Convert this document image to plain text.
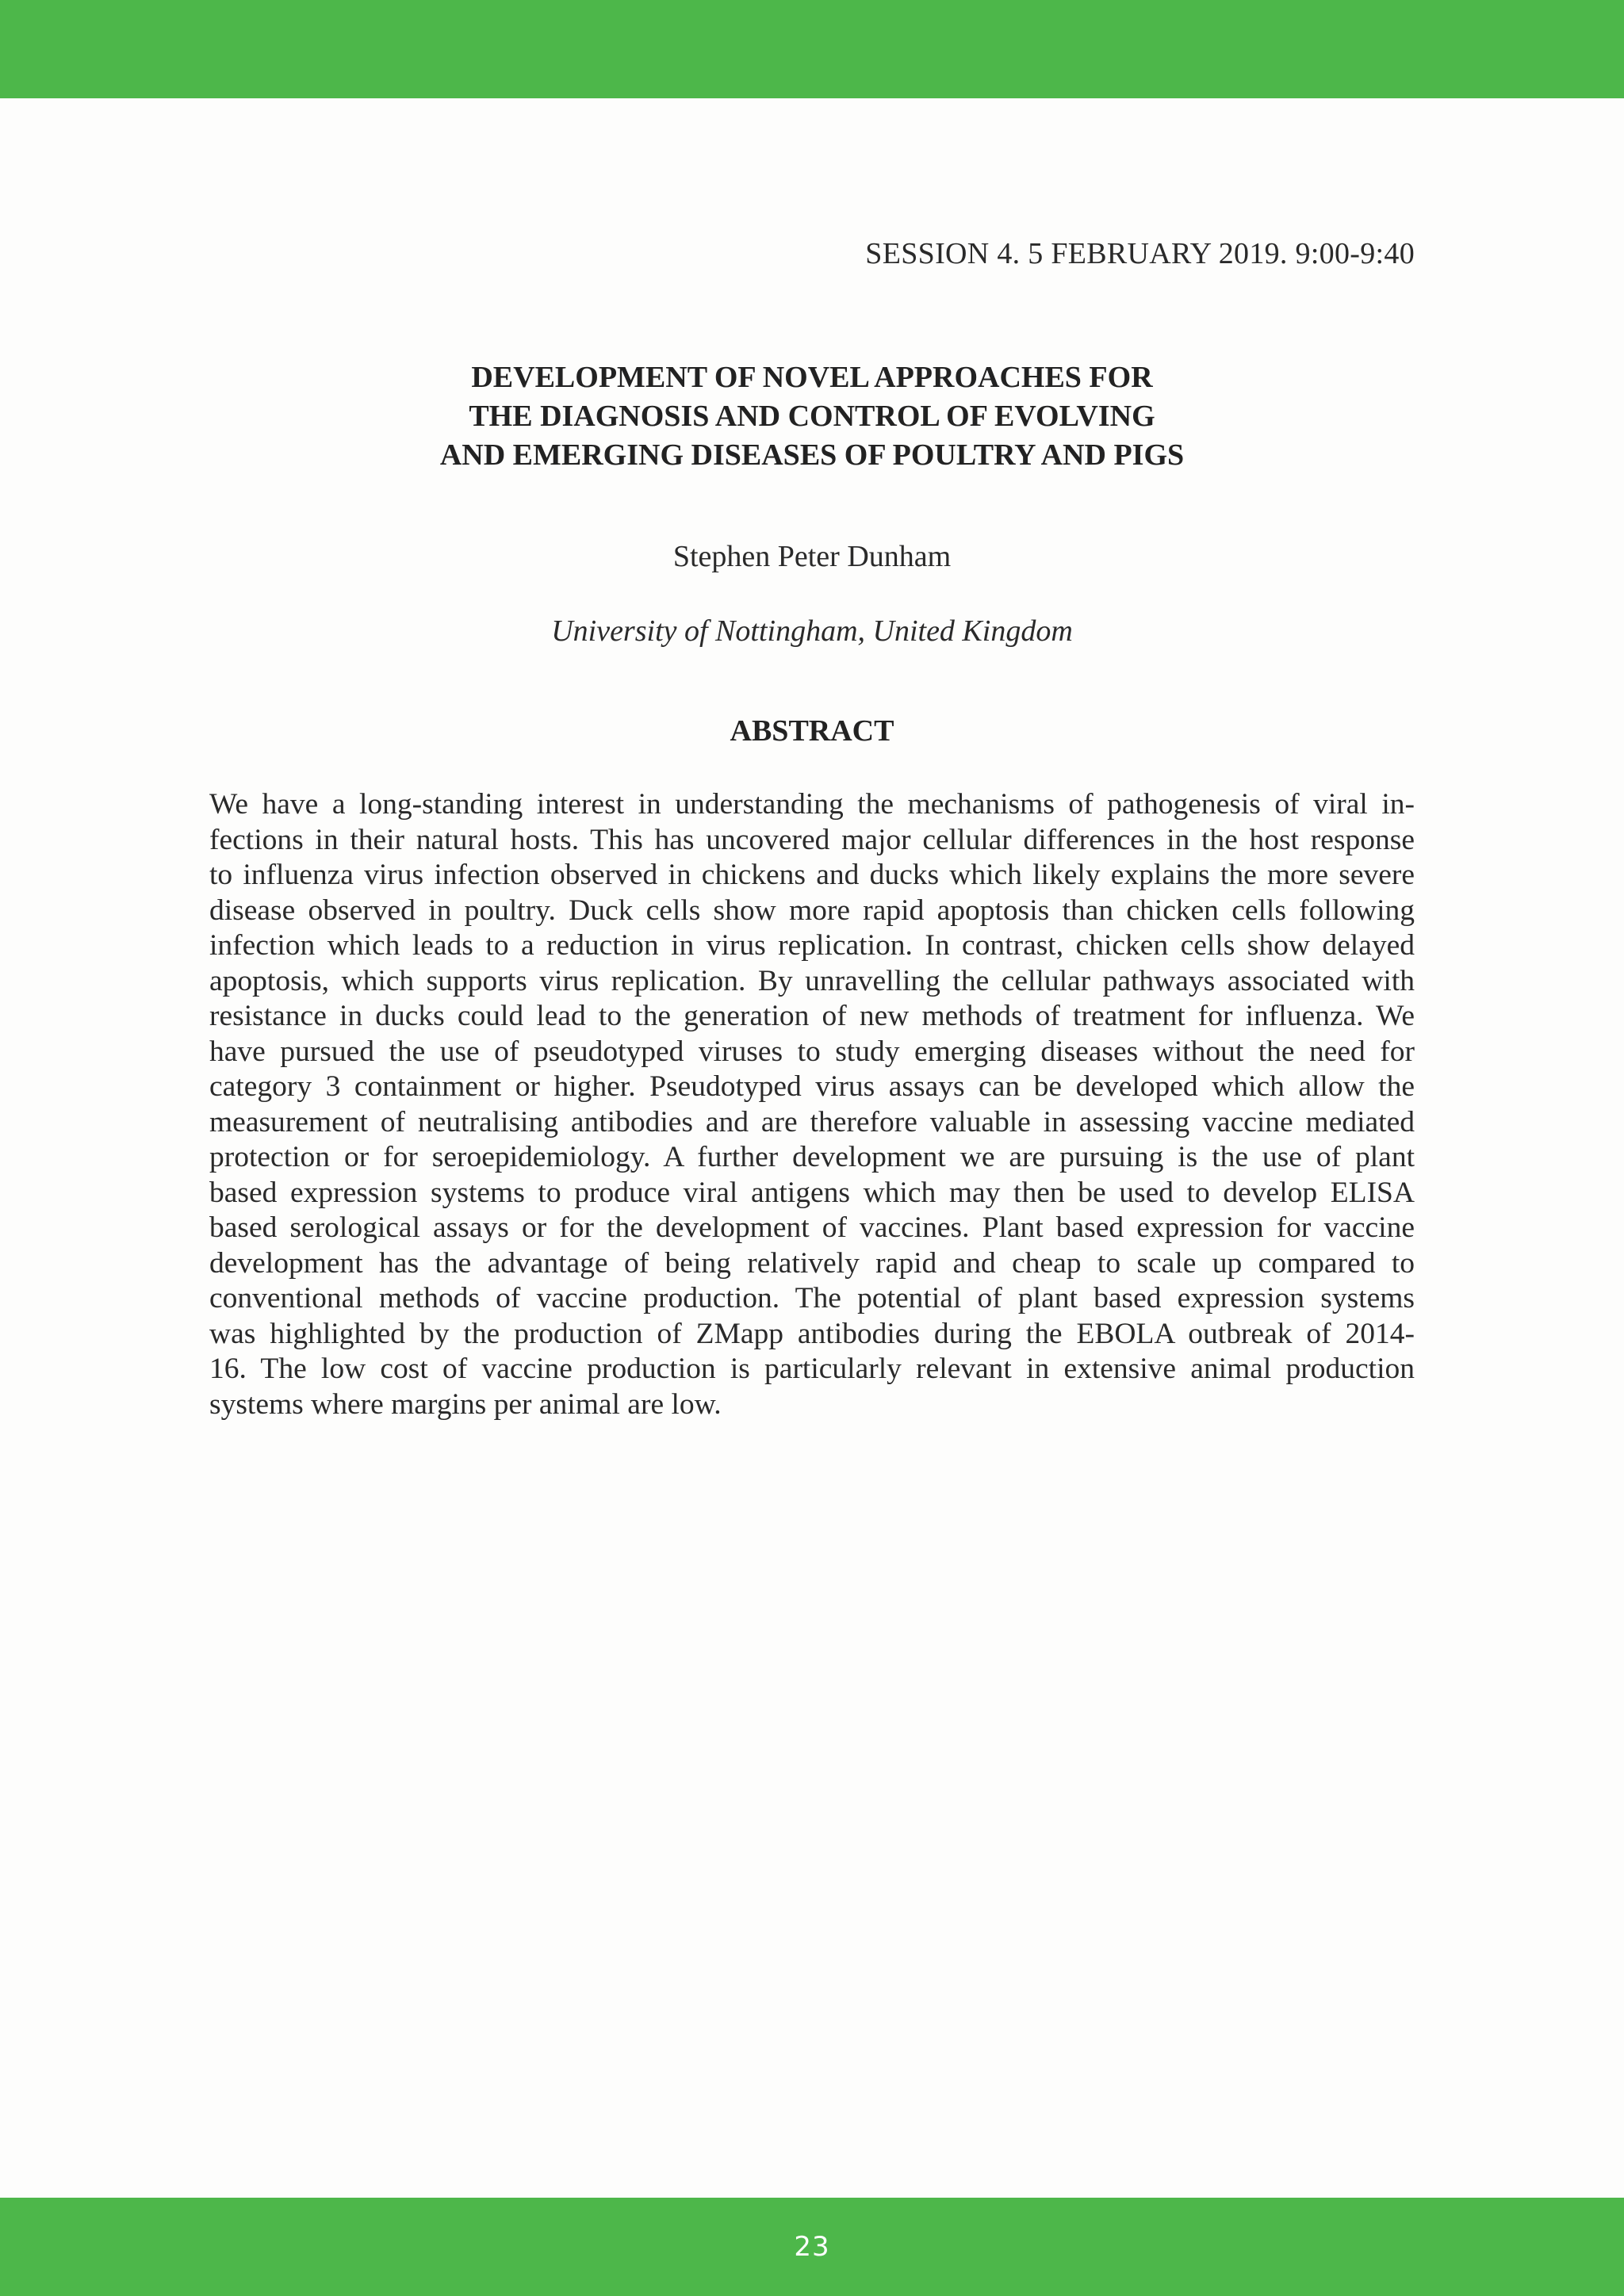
SESSION 4. 5 FEBRUARY 2019. 9:00-9:40
DEVELOPMENT OF NOVEL APPROACHES FOR
THE DIAGNOSIS AND CONTROL OF EVOLVING
AND EMERGING DISEASES OF POULTRY AND PIGS
Stephen Peter Dunham
University of Nottingham, United Kingdom
ABSTRACT
We have a long-standing interest in understanding the mechanisms of pathogenesis of viral in-
fections in their natural hosts. This has uncovered major cellular differences in the host response
to influenza virus infection observed in chickens and ducks which likely explains the more severe
disease observed in poultry. Duck cells show more rapid apoptosis than chicken cells following
infection which leads to a reduction in virus replication. In contrast, chicken cells show delayed
apoptosis, which supports virus replication. By unravelling the cellular pathways associated with
resistance in ducks could lead to the generation of new methods of treatment for influenza. We
have pursued the use of pseudotyped viruses to study emerging diseases without the need for
category 3 containment or higher. Pseudotyped virus assays can be developed which allow the
measurement of neutralising antibodies and are therefore valuable in assessing vaccine mediated
protection or for seroepidemiology. A further development we are pursuing is the use of plant
based expression systems to produce viral antigens which may then be used to develop ELISA
based serological assays or for the development of vaccines. Plant based expression for vaccine
development has the advantage of being relatively rapid and cheap to scale up compared to
conventional methods of vaccine production. The potential of plant based expression systems
was highlighted by the production of ZMapp antibodies during the EBOLA outbreak of 2014-
16. The low cost of vaccine production is particularly relevant in extensive animal production
systems where margins per animal are low.
23
